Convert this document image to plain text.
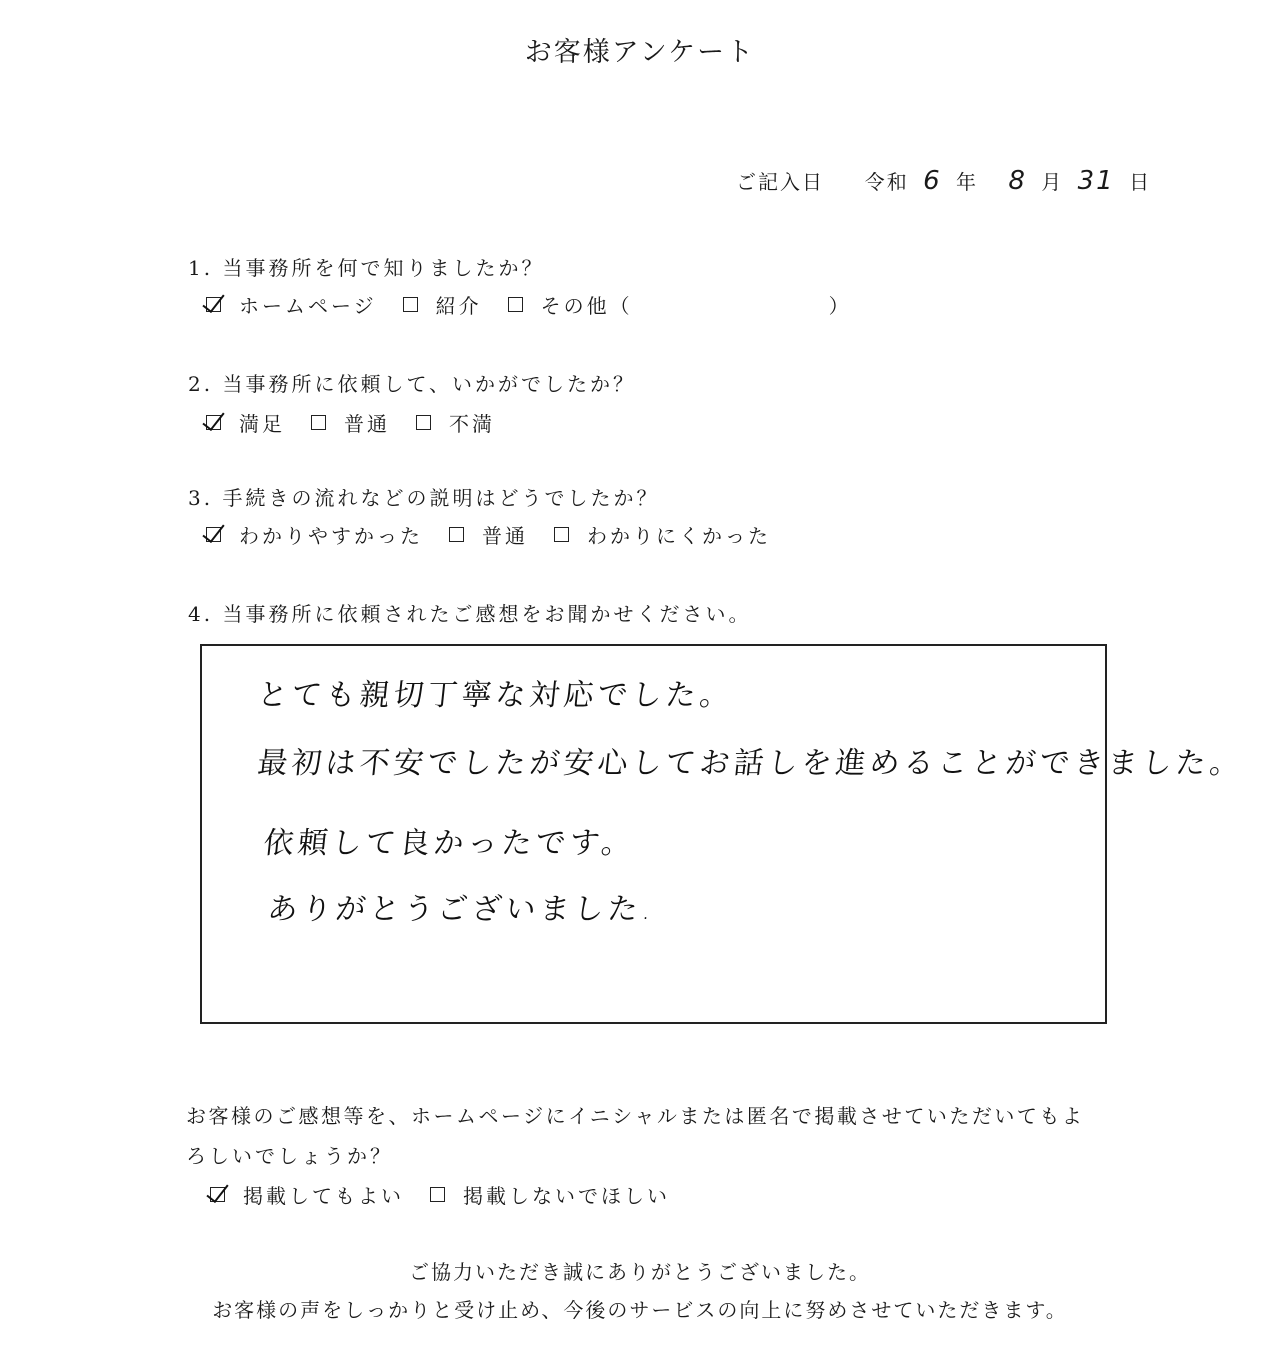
お客様アンケート
ご記入日 令和 6 年 8 月 31 日
1. 当事務所を何で知りましたか？
ホームページ	紹介	その他（	）
2. 当事務所に依頼して、いかがでしたか？
満足	普通	不満
3. 手続きの流れなどの説明はどうでしたか？
わかりやすかった	普通	わかりにくかった
4. 当事務所に依頼されたご感想をお聞かせください。
とても親切丁寧な対応でした。
最初は不安でしたが安心してお話しを進めることができました。
依頼して良かったです。
ありがとうございました.
お客様のご感想等を、ホームページにイニシャルまたは匿名で掲載させていただいてもよ
ろしいでしょうか？
掲載してもよい	掲載しないでほしい
ご協力いただき誠にありがとうございました。
お客様の声をしっかりと受け止め、今後のサービスの向上に努めさせていただきます。
